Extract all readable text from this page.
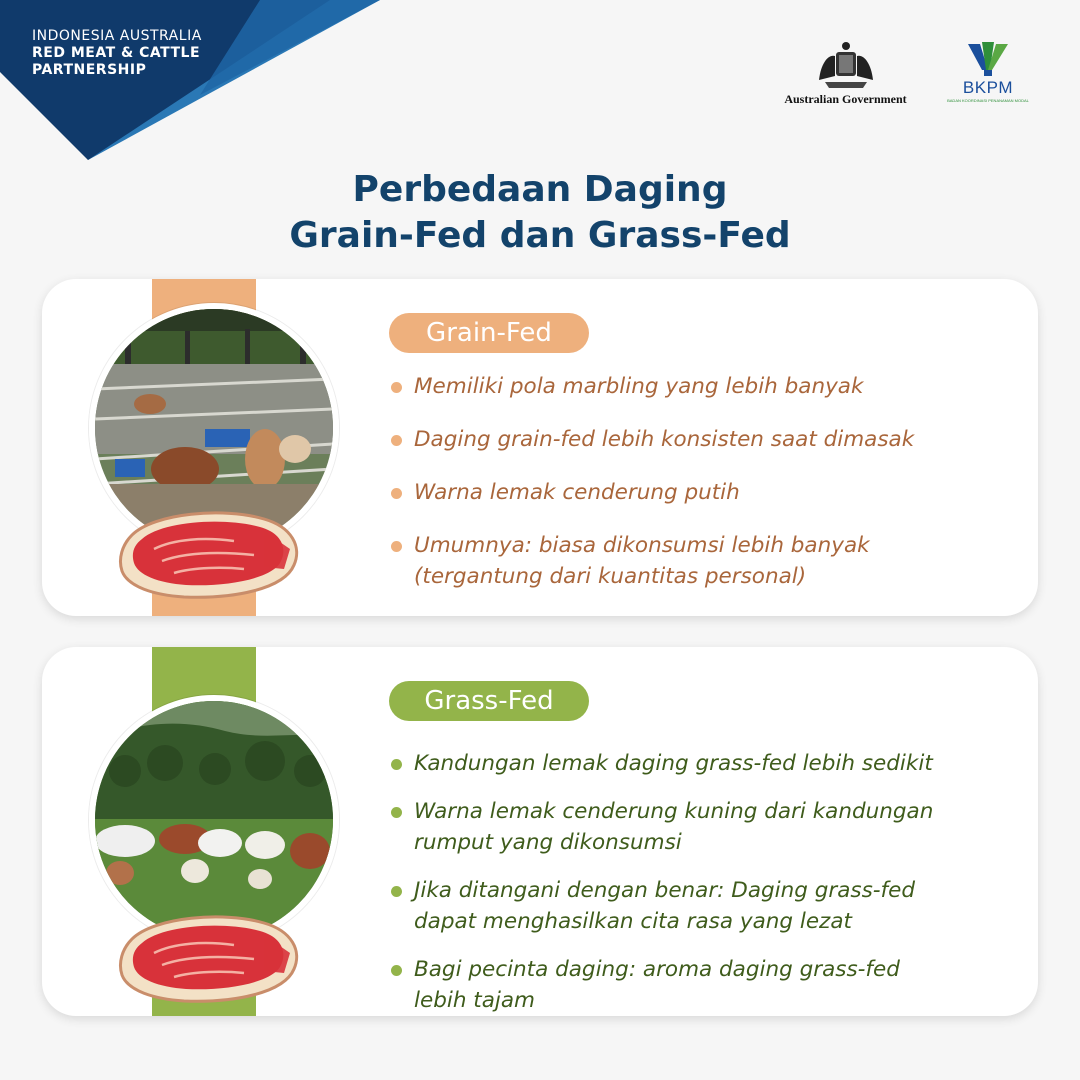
INDONESIA AUSTRALIA
RED MEAT & CATTLE
PARTNERSHIP
Australian Government
BKPM
BADAN KOORDINASI PENANAMAN MODAL
Perbedaan Daging
Grain-Fed dan Grass-Fed
Grain-Fed
Memiliki pola marbling yang lebih banyak
Daging grain-fed lebih konsisten saat dimasak
Warna lemak cenderung putih
Umumnya: biasa dikonsumsi lebih banyak
(tergantung dari kuantitas personal)
Grass-Fed
Kandungan lemak daging grass-fed lebih sedikit
Warna lemak cenderung kuning dari kandungan
rumput yang dikonsumsi
Jika ditangani dengan benar: Daging grass-fed
dapat menghasilkan cita rasa yang lezat
Bagi pecinta daging: aroma daging grass-fed
lebih tajam
